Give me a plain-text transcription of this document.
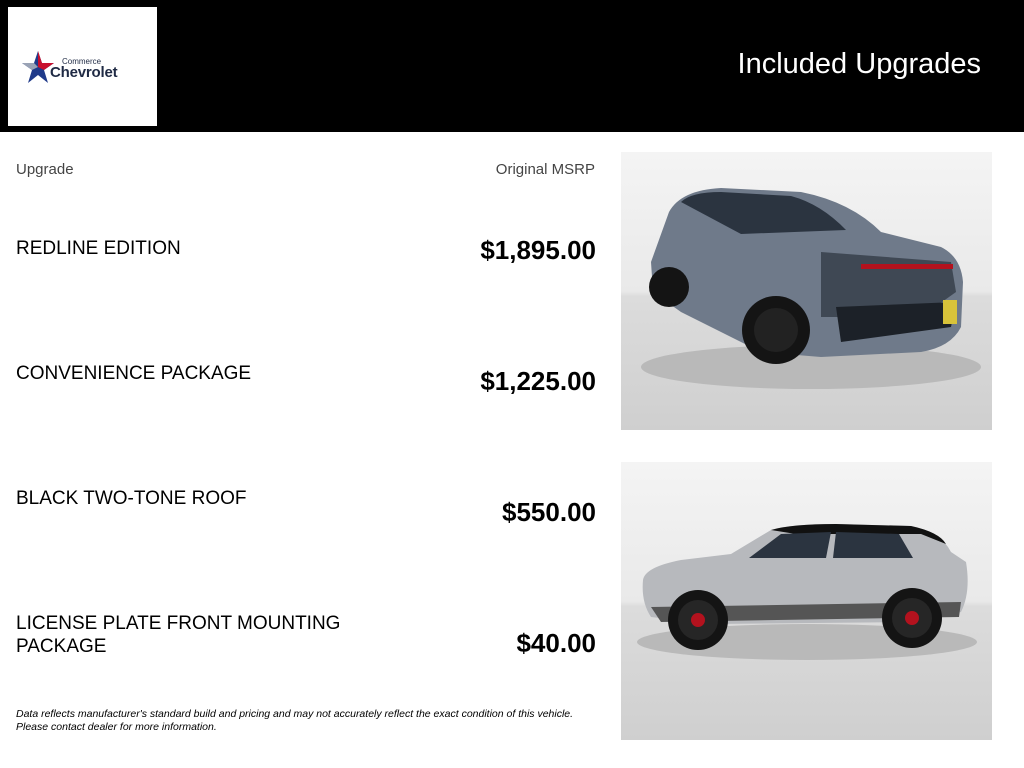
Commerce
Chevrolet	Included Upgrades
Upgrade	Original MSRP
REDLINE EDITION	$1,895.00
CONVENIENCE PACKAGE	$1,225.00
BLACK TWO-TONE ROOF	$550.00
LICENSE PLATE FRONT MOUNTING PACKAGE	$40.00
Data reflects manufacturer's standard build and pricing and may not accurately reflect the exact condition of this vehicle. Please contact dealer for more information.
